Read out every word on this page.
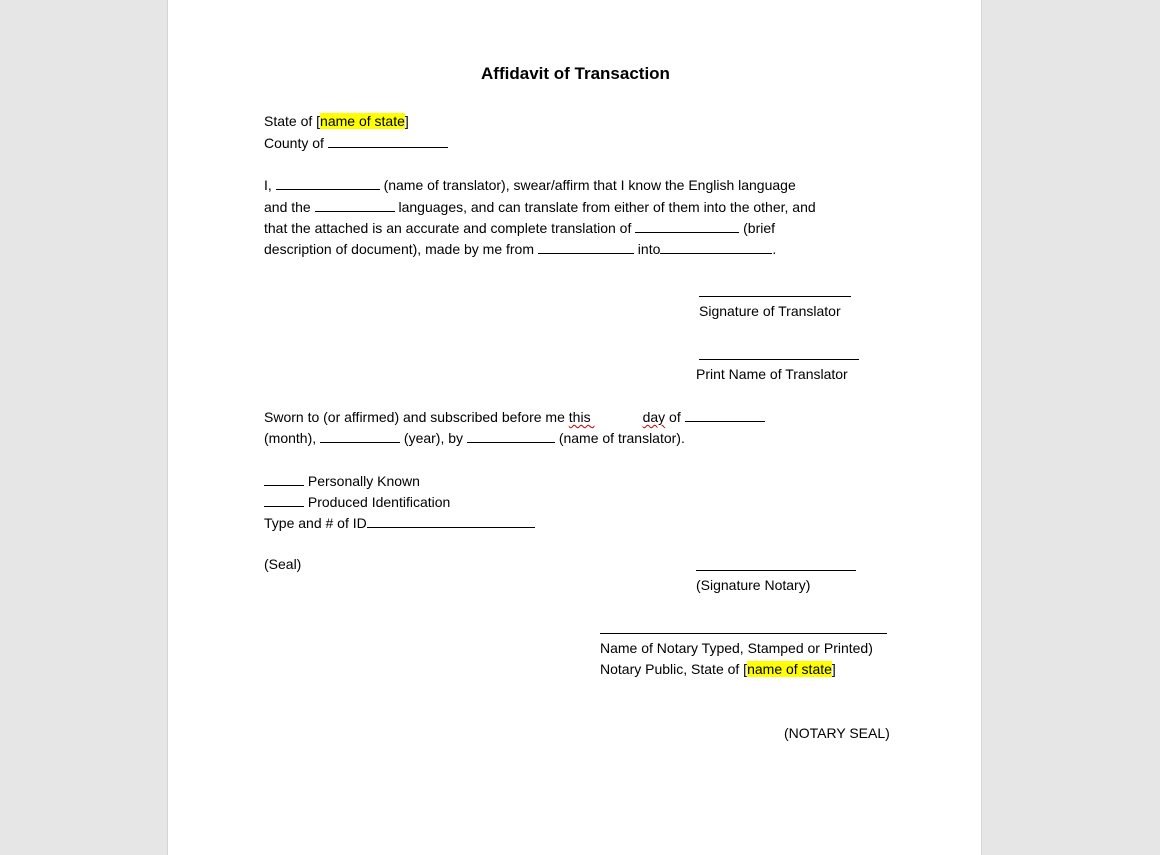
Affidavit of Transaction
State of [name of state]
County of
I,	(name of translator), swear/affirm that I know the English language
and the	languages, and can translate from either of them into the other, and
that the attached is an accurate and complete translation of	(brief
description of document), made by me from	into	.
Signature of Translator
Print Name of Translator
Sworn to (or affirmed) and subscribed before me this	day of
(month),	(year), by	(name of translator).
Personally Known
Produced Identification
Type and # of ID
(Seal)
(Signature Notary)
Name of Notary Typed, Stamped or Printed)
Notary Public, State of [name of state]
(NOTARY SEAL)
